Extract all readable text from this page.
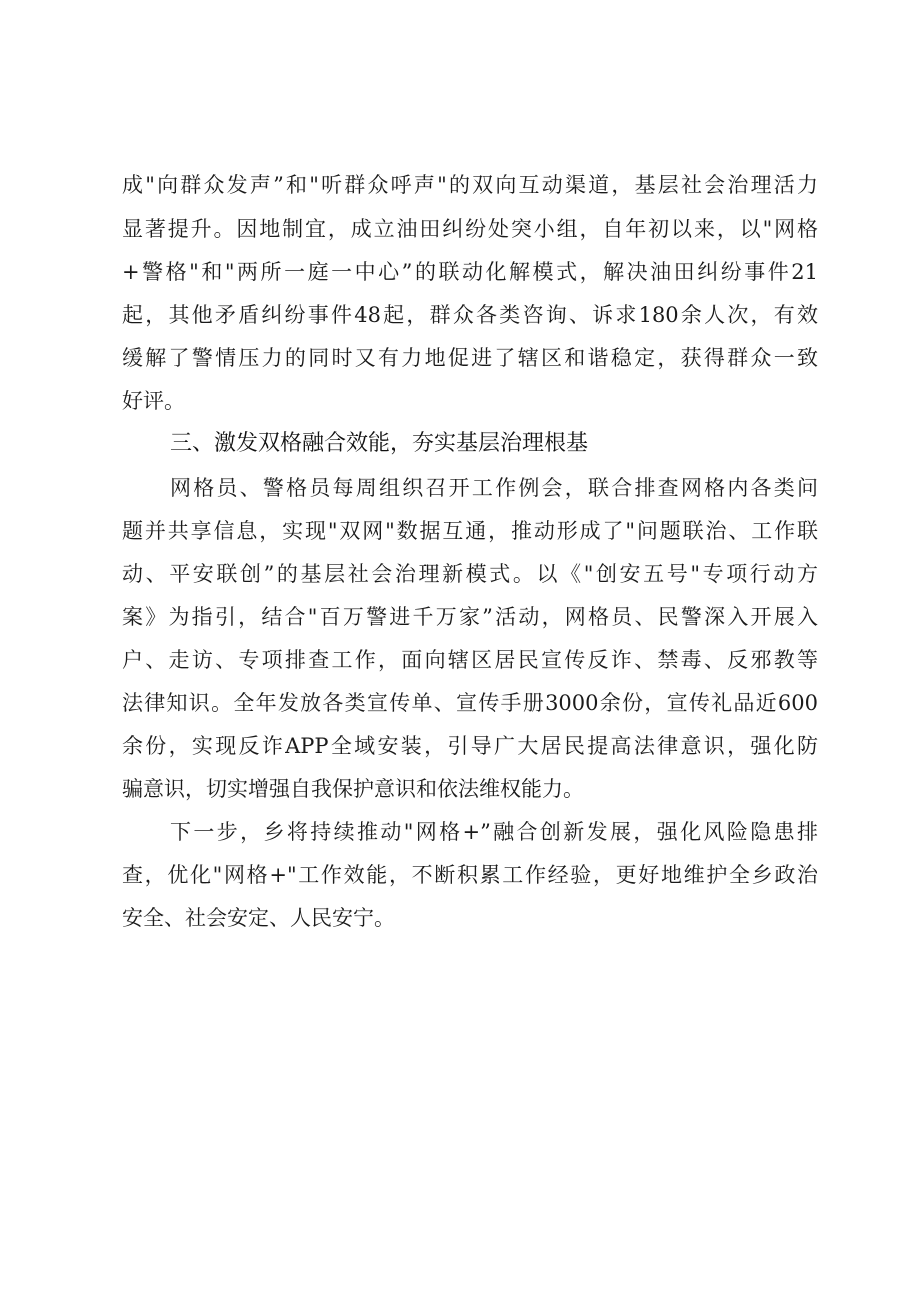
成"向群众发声”和"听群众呼声"的双向互动渠道，基层社会治理活力
显著提升。因地制宜，成立油田纠纷处突小组，自年初以来，以"网格
+警格"和"两所一庭一中心”的联动化解模式，解决油田纠纷事件21
起，其他矛盾纠纷事件48起，群众各类咨询、诉求180余人次，有效
缓解了警情压力的同时又有力地促进了辖区和谐稳定，获得群众一致
好评。
三、激发双格融合效能，夯实基层治理根基
网格员、警格员每周组织召开工作例会，联合排查网格内各类问
题并共享信息，实现"双网"数据互通，推动形成了"问题联治、工作联
动、平安联创”的基层社会治理新模式。以《"创安五号"专项行动方
案》为指引，结合"百万警进千万家”活动，网格员、民警深入开展入
户、走访、专项排查工作，面向辖区居民宣传反诈、禁毒、反邪教等
法律知识。全年发放各类宣传单、宣传手册3000余份，宣传礼品近600
余份，实现反诈APP全域安装，引导广大居民提高法律意识，强化防
骗意识，切实增强自我保护意识和依法维权能力。
下一步，乡将持续推动"网格+”融合创新发展，强化风险隐患排
查，优化"网格+"工作效能，不断积累工作经验，更好地维护全乡政治
安全、社会安定、人民安宁。
